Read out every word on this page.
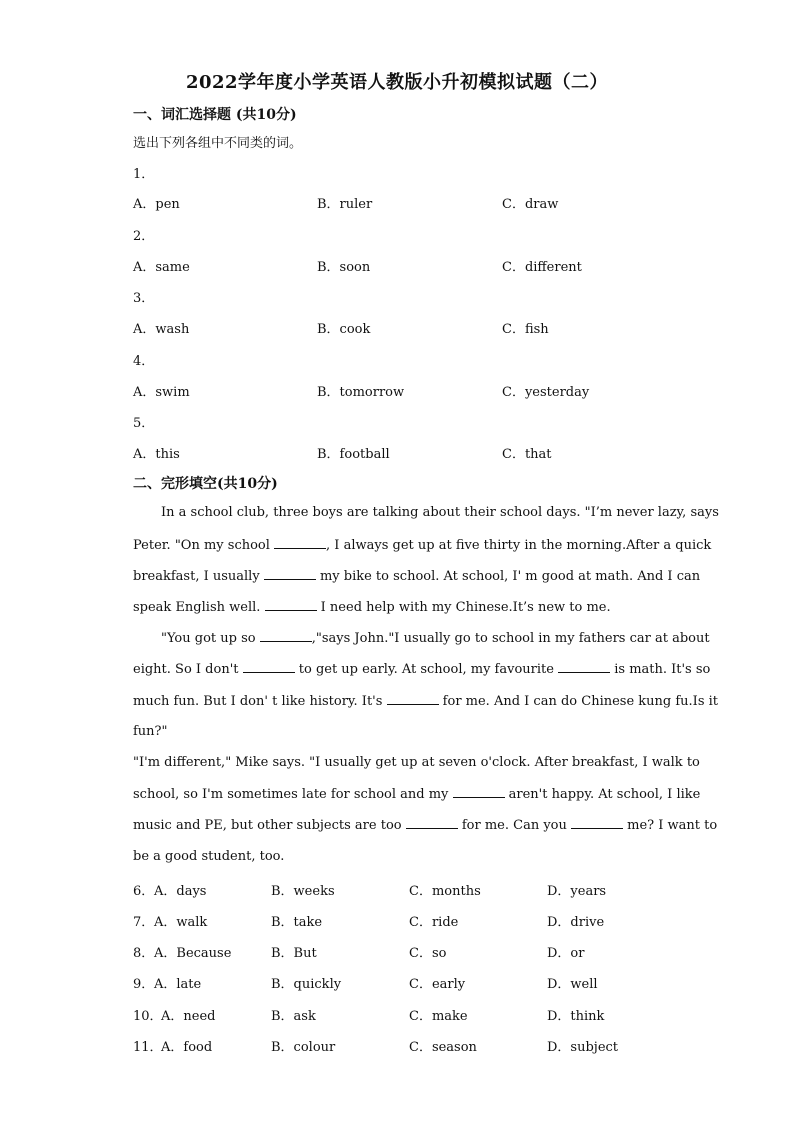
2022学年度小学英语人教版小升初模拟试题（二）
一、词汇选择题 (共10分)
选出下列各组中不同类的词。
1．
A．pen	B．ruler	C．draw
2．
A．same	B．soon	C．different
3．
A．wash	B．cook	C．fish
4．
A．swim	B．tomorrow	C．yesterday
5．
A．this	B．football	C．that
二、完形填空(共10分)
In a school club, three boys are talking about their school days. "I’m never lazy, says
Peter. "On my school	, I always get up at five thirty in the morning.After a quick
breakfast, I usually	my bike to school. At school, I' m good at math. And I can
speak English well.	I need help with my Chinese.It’s new to me.
"You got up so	,"says John."I usually go to school in my fathers car at about
eight. So I don't	to get up early. At school, my favourite	is math. It's so
much fun. But I don' t like history. It's	for me. And I can do Chinese kung fu.Is it
fun?"
"I'm different," Mike says. "I usually get up at seven o'clock. After breakfast, I walk to
school, so I'm sometimes late for school and my	aren't happy. At school, I like
music and PE, but other subjects are too	for me. Can you	me? I want to
be a good student, too.
6． A．days	B．weeks	C．months	D．years
7． A．walk	B．take	C．ride	D．drive
8． A．Because	B．But	C．so	D．or
9． A．late	B．quickly	C．early	D．well
10．
A．need	B．ask	C．make	D．think
11．
A．food	B．colour	C．season	D．subject
